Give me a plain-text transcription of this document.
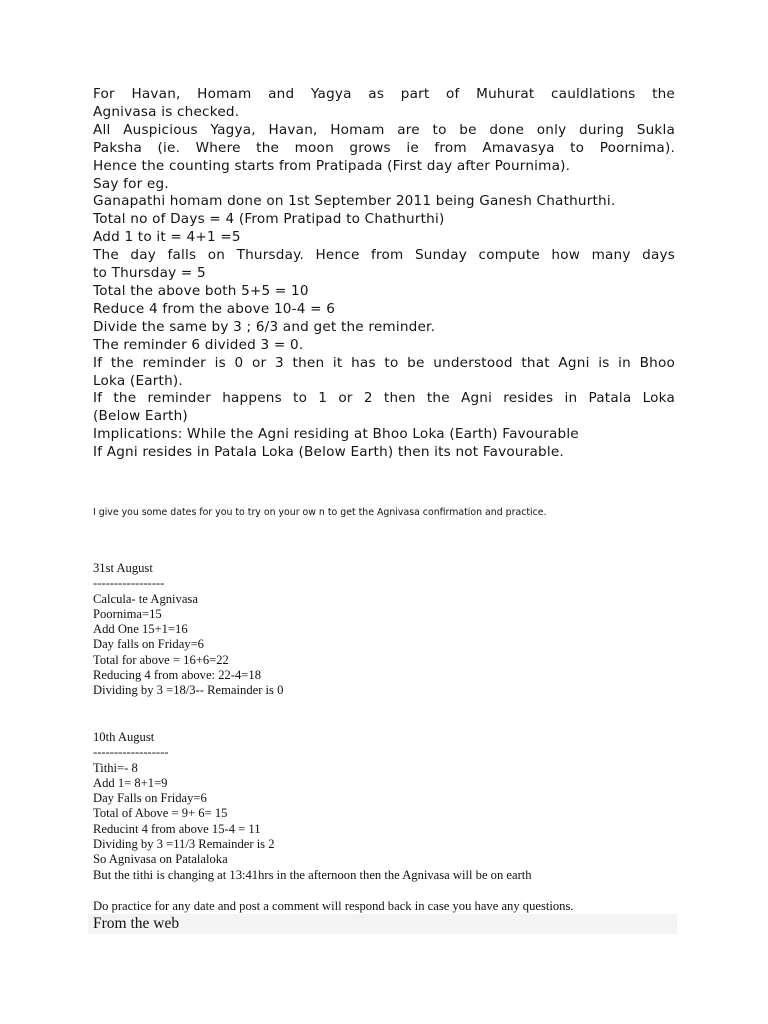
For Havan, Homam and Yagya as part of Muhurat cauldlations the
Agnivasa is checked.
All Auspicious Yagya, Havan, Homam are to be done only during Sukla
Paksha (ie. Where the moon grows ie from Amavasya to Poornima).
Hence the counting starts from Pratipada (First day after Pournima).
Say for eg.
Ganapathi homam done on 1st September 2011 being Ganesh Chathurthi.
Total no of Days = 4 (From Pratipad to Chathurthi)
Add 1 to it = 4+1 =5
The day falls on Thursday. Hence from Sunday compute how many days
to Thursday = 5
Total the above both 5+5 = 10
Reduce 4 from the above 10-4 = 6
Divide the same by 3 ; 6/3 and get the reminder.
The reminder 6 divided 3 = 0.
If the reminder is 0 or 3 then it has to be understood that Agni is in Bhoo
Loka (Earth).
If the reminder happens to 1 or 2 then the Agni resides in Patala Loka
(Below Earth)
Implications: While the Agni residing at Bhoo Loka (Earth) Favourable
If Agni resides in Patala Loka (Below Earth) then its not Favourable.
I give you some dates for you to try on your ow n to get the Agnivasa confirmation and practice.
31st August
-----------------
Calcula- te Agnivasa
Poornima=15
Add One 15+1=16
Day falls on Friday=6
Total for above = 16+6=22
Reducing 4 from above: 22-4=18
Dividing by 3 =18/3-- Remainder is 0
10th August
------------------
Tithi=- 8
Add 1= 8+1=9
Day Falls on Friday=6
Total of Above = 9+ 6= 15
Reducint 4 from above 15-4 = 11
Dividing by 3 =11/3 Remainder is 2
So Agnivasa on Patalaloka
But the tithi is changing at 13:41hrs in the afternoon then the Agnivasa will be on earth
Do practice for any date and post a comment will respond back in case you have any questions.
From the web
